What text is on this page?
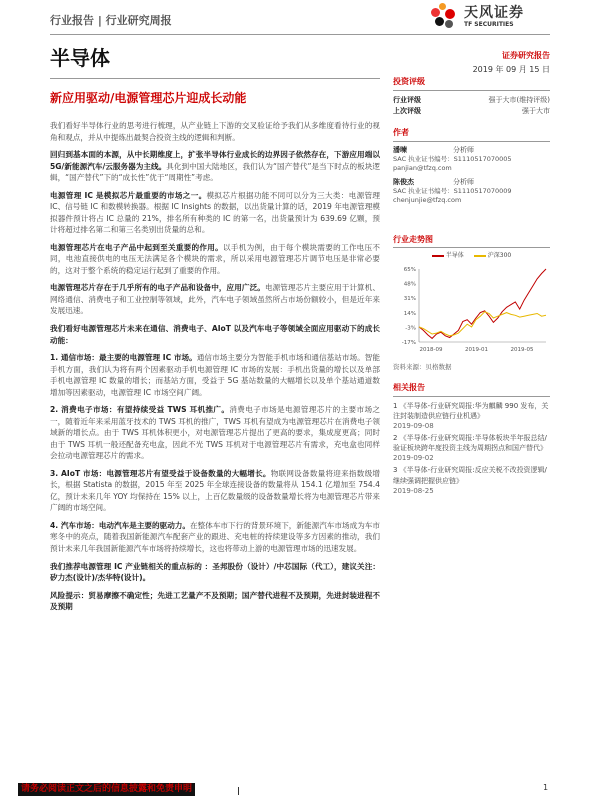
行业报告 | 行业研究周报	天风证券
TF SECURITIES
半导体	证券研究报告
2019 年 09 月 15 日
新应用驱动/电源管理芯片迎成长动能

我们看好半导体行业的思考进行梳理，从产业链上下游的交叉验证给予我们从多维度看待行业的视角和观点，并从中提炼出最契合投资主线的逻辑和判断。

回归到基本面的本源，从中长期维度上，扩张半导体行业成长的边界因子依然存在，下游应用端以 5G/新能源汽车/云服务器为主线。具化到中国大陆地区，我们认为“国产替代”是当下时点的板块逻辑，“国产替代”下的“成长性”优于“周期性”考虑。

电源管理 IC 是模拟芯片最重要的市场之一。模拟芯片根据功能不同可以分为三大类：电源管理 IC、信号链 IC 和数模转换器。根据 IC Insights 的数据，以出货量计算的话，2019 年电源管理模拟器件预计将占 IC 总量的 21%，排名所有种类的 IC 的第一名，出货量预计为 639.69 亿颗，预计将超过排名第二和第三名类别出货量的总和。

电源管理芯片在电子产品中起到至关重要的作用。以手机为例，由于每个模块需要的工作电压不同，电池直接供电的电压无法满足各个模块的需求，所以采用电源管理芯片调节电压是非常必要的，这对于整个系统的稳定运行起到了重要的作用。

电源管理芯片存在于几乎所有的电子产品和设备中，应用广泛。电源管理芯片主要应用于计算机、网络通信、消费电子和工业控制等领域，此外，汽车电子领域虽然所占市场份额较小，但是近年来发展迅速。

我们看好电源管理芯片未来在通信、消费电子、AIoT 以及汽车电子等领域全面应用驱动下的成长动能：

1. 通信市场：最主要的电源管理 IC 市场。通信市场主要分为智能手机市场和通信基站市场。智能手机方面，我们认为将有两个因素驱动手机电源管理 IC 市场的发展：手机出货量的增长以及单部手机电源管理 IC 数量的增长；而基站方面，受益于 5G 基站数量的大幅增长以及单个基站通道数增加等因素驱动，电源管理 IC 市场空间广阔。

2. 消费电子市场：有望持续受益 TWS 耳机推广。消费电子市场是电源管理芯片的主要市场之一，随着近年来采用蓝牙技术的 TWS 耳机的推广，TWS 耳机有望成为电源管理芯片在消费电子领域新的增长点。由于 TWS 耳机体积更小，对电源管理芯片提出了更高的要求，集成度更高；同时由于 TWS 耳机一般还配备充电盒，因此不光 TWS 耳机对于电源管理芯片有需求，充电盒也同样会拉动电源管理芯片的需求。

3. AIoT 市场：电源管理芯片有望受益于设备数量的大幅增长。物联网设备数量将迎来指数级增长，根据 Statista 的数据，2015 年至 2025 年全球连接设备的数量将从 154.1 亿增加至 754.4 亿，预计未来几年 YOY 均保持在 15% 以上，上百亿数量级的设备数量增长将为电源管理芯片带来广阔的市场空间。

4. 汽车市场：电动汽车是主要的驱动力。在整体车市下行的背景环境下，新能源汽车市场成为车市寒冬中的亮点，随着我国新能源汽车配套产业的跟进、充电桩的持续建设等多方因素的推动，我们预计未来几年我国新能源汽车市场将持续增长，这也将带动上游的电源管理市场的迅速发展。

我们推荐电源管理 IC 产业链相关的重点标的 ：圣邦股份（设计）/中芯国际（代工），建议关注：矽力杰(设计)/杰华特(设计)。

风险提示：贸易摩擦不确定性；先进工艺量产不及预期；国产替代进程不及预期，先进封装进程不及预期

投资评级
行业评级	强于大市(维持评级)
上次评级	强于大市
作者
潘暕	分析师
SAC 执业证书编号：S1110517070005
panjian@tfzq.com
陈俊杰	分析师
SAC 执业证书编号：S1110517070009
chenjunjie@tfzq.com
行业走势图
半导体	沪深300
65%
48%
31%
14%
-3%
-17%
2018-09	2019-01	2019-05
资料来源：贝格数据
相关报告
1 《半导体-行业研究周报:华为麒麟 990 发布，关注封装制造供应链行业机遇》
2019-09-08
2 《半导体-行业研究周报:半导体板块半年报总结/验证板块跨年度投资主线为周期拐点和国产替代》
2019-09-02
3 《半导体-行业研究周报:反应关税不改投资逻辑/继续强调把握供应链》
2019-08-25
请务必阅读正文之后的信息披露和免责申明	1
